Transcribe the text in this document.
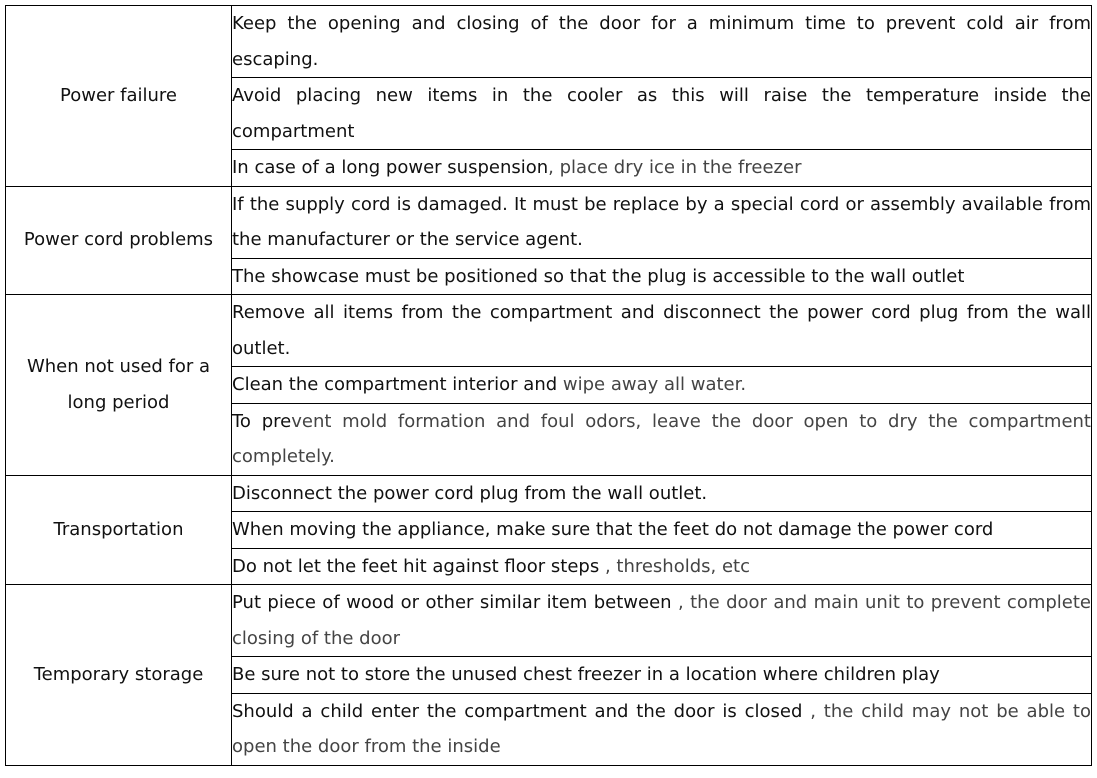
Power failure	Keep the opening and closing of the door for a minimum time to prevent cold air from escaping.
	Avoid placing new items in the cooler as this will raise the temperature inside the compartment
	In case of a long power suspension, place dry ice in the freezer
Power cord problems	If the supply cord is damaged. It must be replace by a special cord or assembly available from the manufacturer or the service agent.
	The showcase must be positioned so that the plug is accessible to the wall outlet
When not used for a long period	Remove all items from the compartment and disconnect the power cord plug from the wall outlet.
	Clean the compartment interior and wipe away all water.
	To prevent mold formation and foul odors, leave the door open to dry the compartment completely.
Transportation	Disconnect the power cord plug from the wall outlet.
	When moving the appliance, make sure that the feet do not damage the power cord
	Do not let the feet hit against floor steps , thresholds, etc
Temporary storage	Put piece of wood or other similar item between , the door and main unit to prevent complete closing of the door
	Be sure not to store the unused chest freezer in a location where children play
	Should a child enter the compartment and the door is closed , the child may not be able to open the door from the inside
